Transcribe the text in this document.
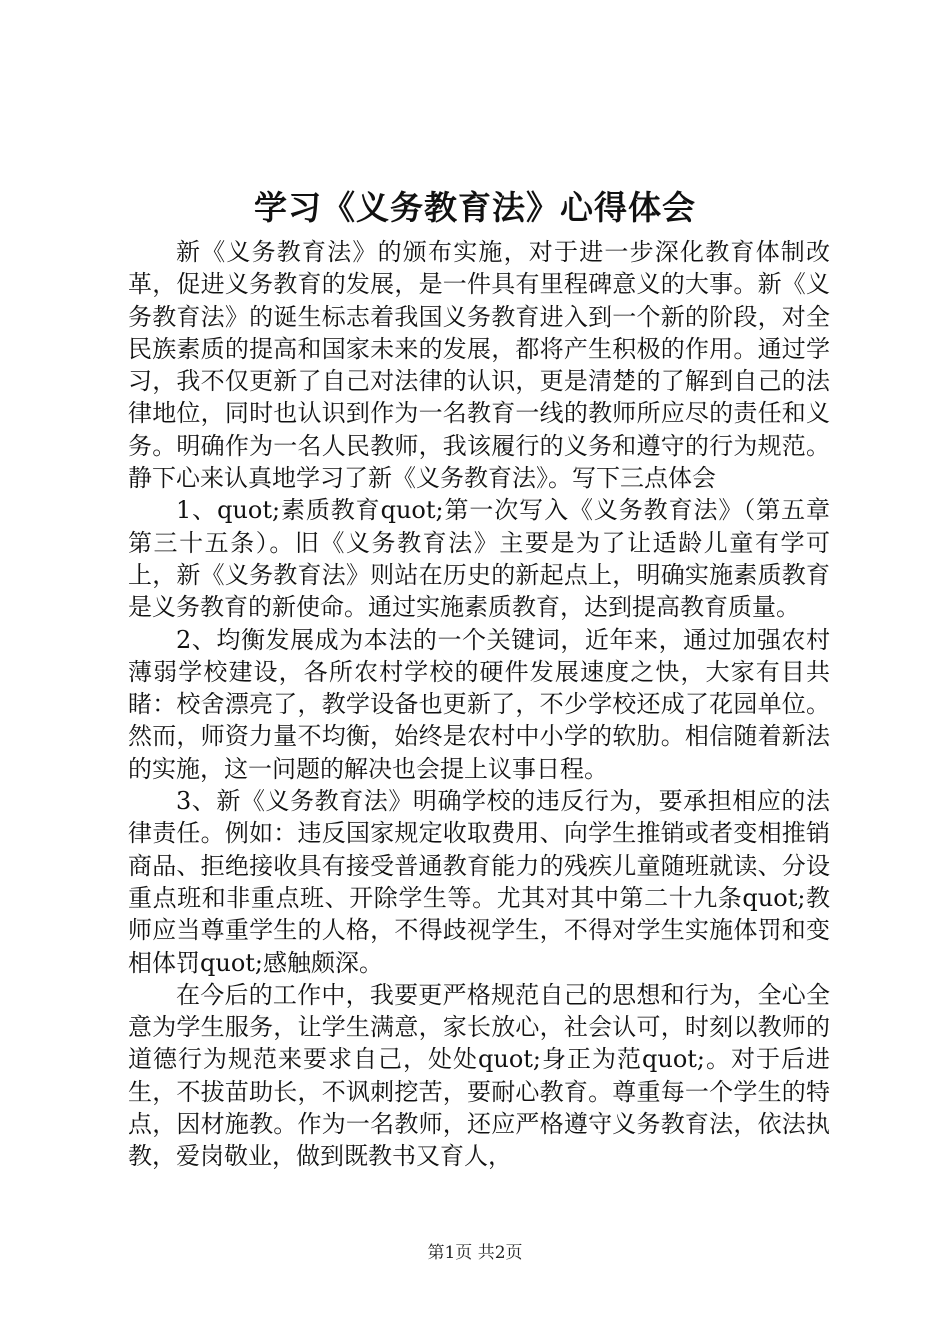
学习《义务教育法》心得体会

新《义务教育法》的颁布实施，对于进一步深化教育体制改革，促进义务教育的发展，是一件具有里程碑意义的大事。新《义务教育法》的诞生标志着我国义务教育进入到一个新的阶段，对全民族素质的提高和国家未来的发展，都将产生积极的作用。通过学习，我不仅更新了自己对法律的认识，更是清楚的了解到自己的法律地位，同时也认识到作为一名教育一线的教师所应尽的责任和义务。明确作为一名人民教师，我该履行的义务和遵守的行为规范。静下心来认真地学习了新《义务教育法》。写下三点体会

1、quot;素质教育quot;第一次写入《义务教育法》（第五章第三十五条）。旧《义务教育法》主要是为了让适龄儿童有学可上，新《义务教育法》则站在历史的新起点上，明确实施素质教育是义务教育的新使命。通过实施素质教育，达到提高教育质量。

2、均衡发展成为本法的一个关键词，近年来，通过加强农村薄弱学校建设，各所农村学校的硬件发展速度之快，大家有目共睹：校舍漂亮了，教学设备也更新了，不少学校还成了花园单位。然而，师资力量不均衡，始终是农村中小学的软肋。相信随着新法的实施，这一问题的解决也会提上议事日程。

3、新《义务教育法》明确学校的违反行为，要承担相应的法律责任。例如：违反国家规定收取费用、向学生推销或者变相推销商品、拒绝接收具有接受普通教育能力的残疾儿童随班就读、分设重点班和非重点班、开除学生等。尤其对其中第二十九条quot;教师应当尊重学生的人格，不得歧视学生，不得对学生实施体罚和变相体罚quot;感触颇深。

在今后的工作中，我要更严格规范自己的思想和行为，全心全意为学生服务，让学生满意，家长放心，社会认可，时刻以教师的道德行为规范来要求自己，处处quot;身正为范quot;。对于后进生，不拔苗助长，不讽刺挖苦，要耐心教育。尊重每一个学生的特点，因材施教。作为一名教师，还应严格遵守义务教育法，依法执教，爱岗敬业，做到既教书又育人，

第1页 共2页
